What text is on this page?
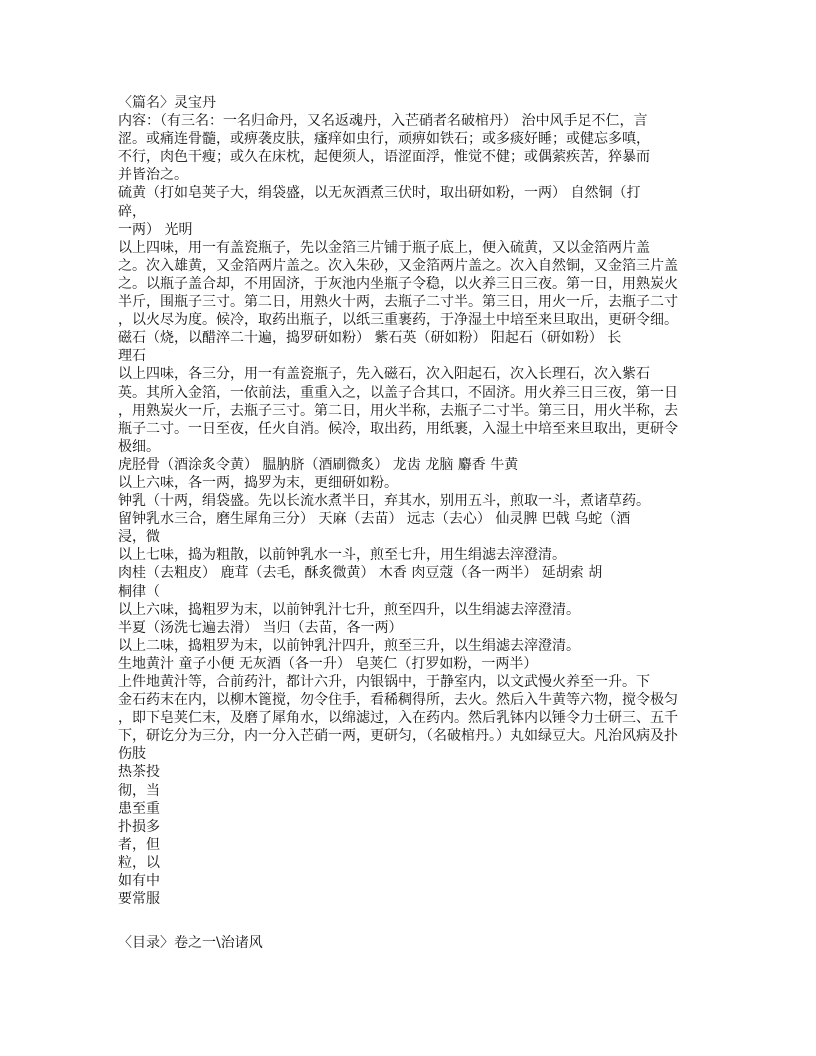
〈篇名〉灵宝丹
内容：（有三名：一名归命丹，又名返魂丹，入芒硝者名破棺丹） 治中风手足不仁，言
涩。或痛连骨髓，或痹袭皮肤，瘙痒如虫行，顽痹如铁石；或多痰好睡；或健忘多嗔，
不行，肉色干瘦；或久在床枕，起便须人，语涩面浮，惟觉不健；或偶萦疾苦，猝暴而
并皆治之。
硫黄（打如皂荚子大，绢袋盛，以无灰酒煮三伏时，取出研如粉，一两） 自然铜（打
碎，
一两） 光明
以上四味，用一有盖瓷瓶子，先以金箔三片铺于瓶子底上，便入硫黄，又以金箔两片盖
之。次入雄黄，又金箔两片盖之。次入朱砂，又金箔两片盖之。次入自然铜，又金箔三片盖
之。以瓶子盖合却，不用固济，于灰池内坐瓶子令稳，以火养三日三夜。第一日，用熟炭火
半斤，围瓶子三寸。第二日，用熟火十两，去瓶子二寸半。第三日，用火一斤，去瓶子二寸
，以火尽为度。候冷，取药出瓶子，以纸三重裹药，于净湿土中培至来旦取出，更研令细。
磁石（烧，以醋淬二十遍，捣罗研如粉） 紫石英（研如粉） 阳起石（研如粉） 长
理石
以上四味，各三分，用一有盖瓷瓶子，先入磁石，次入阳起石，次入长理石，次入紫石
英。其所入金箔，一依前法，重重入之，以盖子合其口，不固济。用火养三日三夜，第一日
，用熟炭火一斤，去瓶子三寸。第二日，用火半称，去瓶子二寸半。第三日，用火半称，去
瓶子二寸。一日至夜，任火自消。候冷，取出药，用纸裹，入湿土中培至来旦取出，更研令
极细。
虎胫骨（酒涂炙令黄） 腽肭脐（酒刷微炙） 龙齿 龙脑 麝香 牛黄
以上六味，各一两，捣罗为末，更细研如粉。
钟乳（十两，绢袋盛。先以长流水煮半日，弃其水，别用五斗，煎取一斗，煮诸草药。
留钟乳水三合，磨生犀角三分） 天麻（去苗） 远志（去心） 仙灵脾 巴戟 乌蛇（酒
浸，微
以上七味，捣为粗散，以前钟乳水一斗，煎至七升，用生绢滤去滓澄清。
肉桂（去粗皮） 鹿茸（去毛，酥炙微黄） 木香 肉豆蔻（各一两半） 延胡索 胡
桐律（
以上六味，捣粗罗为末，以前钟乳汁七升，煎至四升，以生绢滤去滓澄清。
半夏（汤洗七遍去滑） 当归（去苗，各一两）
以上二味，捣粗罗为末，以前钟乳汁四升，煎至三升，以生绢滤去滓澄清。
生地黄汁 童子小便 无灰酒（各一升） 皂荚仁（打罗如粉，一两半）
上件地黄汁等，合前药汁，都计六升，内银锅中，于静室内，以文武慢火养至一升。下
金石药末在内，以柳木篦搅，勿令住手，看稀稠得所，去火。然后入牛黄等六物，搅令极匀
，即下皂荚仁末，及磨了犀角水，以绵滤过，入在药内。然后乳钵内以锤令力士研三、五千
下，研讫分为三分，内一分入芒硝一两，更研匀，（名破棺丹。）丸如绿豆大。凡治风病及扑
伤肢
热茶投
彻，当
患至重
扑损多
者，但
粒，以
如有中
要常服
〈目录〉卷之一\治诸风
